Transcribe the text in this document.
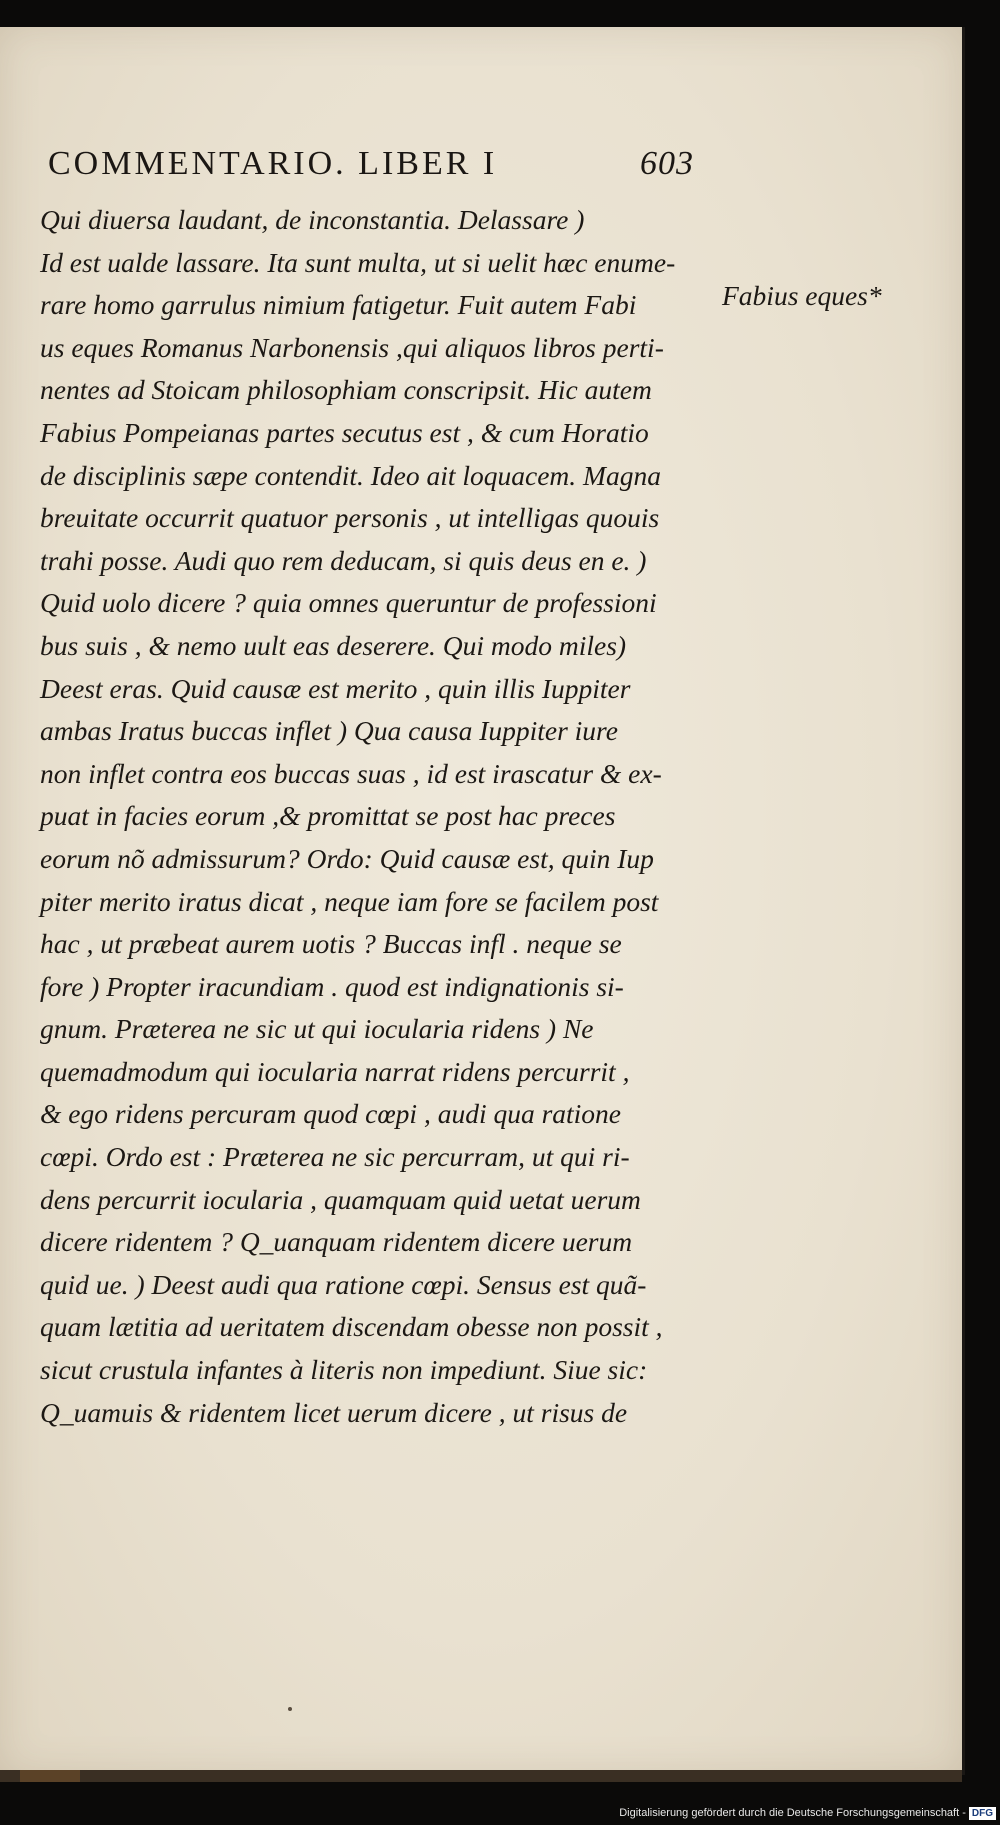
COMMENTARIO. LIBER I	603
Qui diuersa laudant, de inconstantia. Delassare )
Id est ualde lassare. Ita sunt multa, ut si uelit hæc enume-
rare homo garrulus nimium fatigetur. Fuit autem Fabi
us eques Romanus Narbonensis ,qui aliquos libros perti-
nentes ad Stoicam philosophiam conscripsit. Hic autem
Fabius Pompeianas partes secutus est , & cum Horatio
de disciplinis sæpe contendit. Ideo ait loquacem. Magna
breuitate occurrit quatuor personis , ut intelligas quouis
trahi posse. Audi quo rem deducam, si quis deus en e. )
Quid uolo dicere ? quia omnes queruntur de professioni
bus suis , & nemo uult eas deserere. Qui modo miles)
Deest eras. Quid causæ est merito , quin illis Iuppiter
ambas Iratus buccas inflet ) Qua causa Iuppiter iure
non inflet contra eos buccas suas , id est irascatur & ex-
puat in facies eorum ,& promittat se post hac preces
eorum nõ admissurum? Ordo: Quid causæ est, quin Iup
piter merito iratus dicat , neque iam fore se facilem post
hac , ut præbeat aurem uotis ? Buccas infl . neque se
fore ) Propter iracundiam . quod est indignationis si-
gnum. Præterea ne sic ut qui iocularia ridens ) Ne
quemadmodum qui iocularia narrat ridens percurrit ,
& ego ridens percuram quod cœpi , audi qua ratione
cœpi. Ordo est : Præterea ne sic percurram, ut qui ri-
dens percurrit iocularia , quamquam quid uetat uerum
dicere ridentem ? Q_uanquam ridentem dicere uerum
quid ue. ) Deest audi qua ratione cœpi. Sensus est quã-
quam lætitia ad ueritatem discendam obesse non possit ,
sicut crustula infantes à literis non impediunt. Siue sic:
Q_uamuis & ridentem licet uerum dicere , ut risus de
Fabius eques*
Digitalisierung gefördert durch die Deutsche Forschungsgemeinschaft - DFG
